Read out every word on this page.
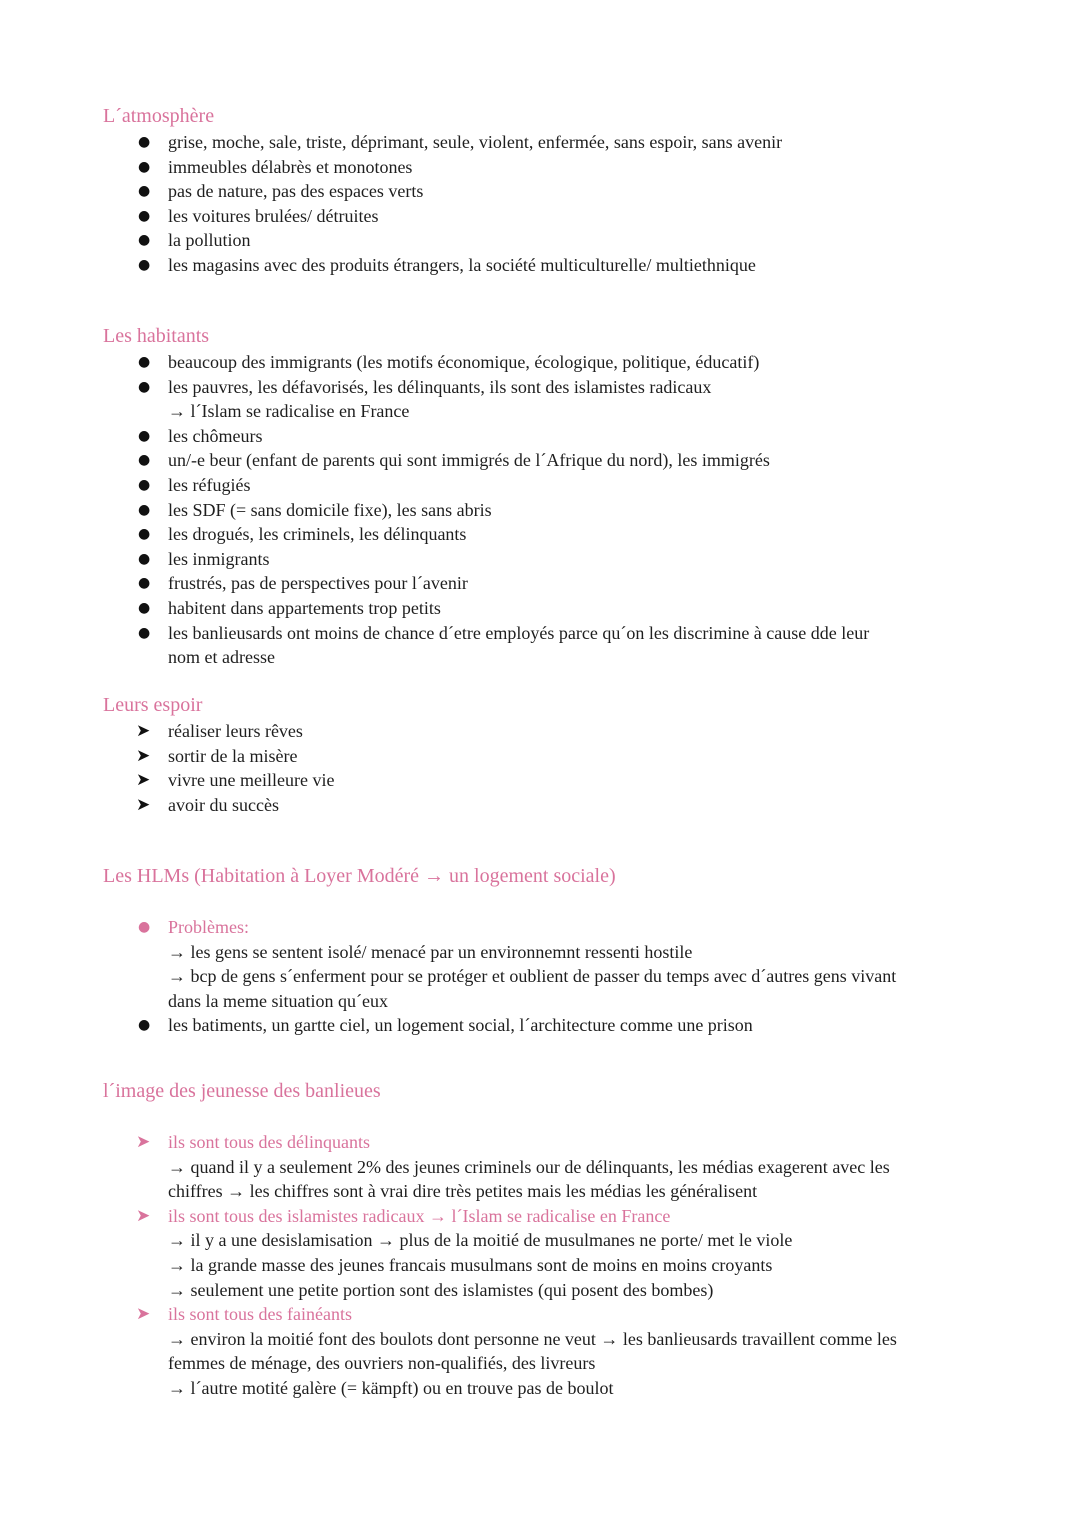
L´atmosphère
● grise, moche, sale, triste, déprimant, seule, violent, enfermée, sans espoir, sans avenir
● immeubles délabrès et monotones
● pas de nature, pas des espaces verts
● les voitures brulées/ détruites
● la pollution
● les magasins avec des produits étrangers, la société multiculturelle/ multiethnique
Les habitants
● beaucoup des immigrants (les motifs économique, écologique, politique, éducatif)
● les pauvres, les défavorisés, les délinquants, ils sont des islamistes radicaux
→ l´Islam se radicalise en France
● les chômeurs
● un/-e beur (enfant de parents qui sont immigrés de l´Afrique du nord), les immigrés
● les réfugiés
● les SDF (= sans domicile fixe), les sans abris
● les drogués, les criminels, les délinquants
● les inmigrants
● frustrés, pas de perspectives pour l´avenir
● habitent dans appartements trop petits
● les banlieusards ont moins de chance d´etre employés parce qu´on les discrimine à cause dde leur
nom et adresse
Leurs espoir
➤ réaliser leurs rêves
➤ sortir de la misère
➤ vivre une meilleure vie
➤ avoir du succès
Les HLMs (Habitation à Loyer Modéré → un logement sociale)
● Problèmes:
→ les gens se sentent isolé/ menacé par un environnemnt ressenti hostile
→ bcp de gens s´enferment pour se protéger et oublient de passer du temps avec d´autres gens vivant
dans la meme situation qu´eux
● les batiments, un gartte ciel, un logement social, l´architecture comme une prison
l´image des jeunesse des banlieues
➤ ils sont tous des délinquants
→ quand il y a seulement 2% des jeunes criminels our de délinquants, les médias exagerent avec les
chiffres → les chiffres sont à vrai dire très petites mais les médias les généralisent
➤ ils sont tous des islamistes radicaux → l´Islam se radicalise en France
→ il y a une desislamisation → plus de la moitié de musulmanes ne porte/ met le viole
→ la grande masse des jeunes francais musulmans sont de moins en moins croyants
→ seulement une petite portion sont des islamistes (qui posent des bombes)
➤ ils sont tous des fainéants
→ environ la moitié font des boulots dont personne ne veut → les banlieusards travaillent comme les
femmes de ménage, des ouvriers non-qualifiés, des livreurs
→ l´autre motité galère (= kämpft) ou en trouve pas de boulot
